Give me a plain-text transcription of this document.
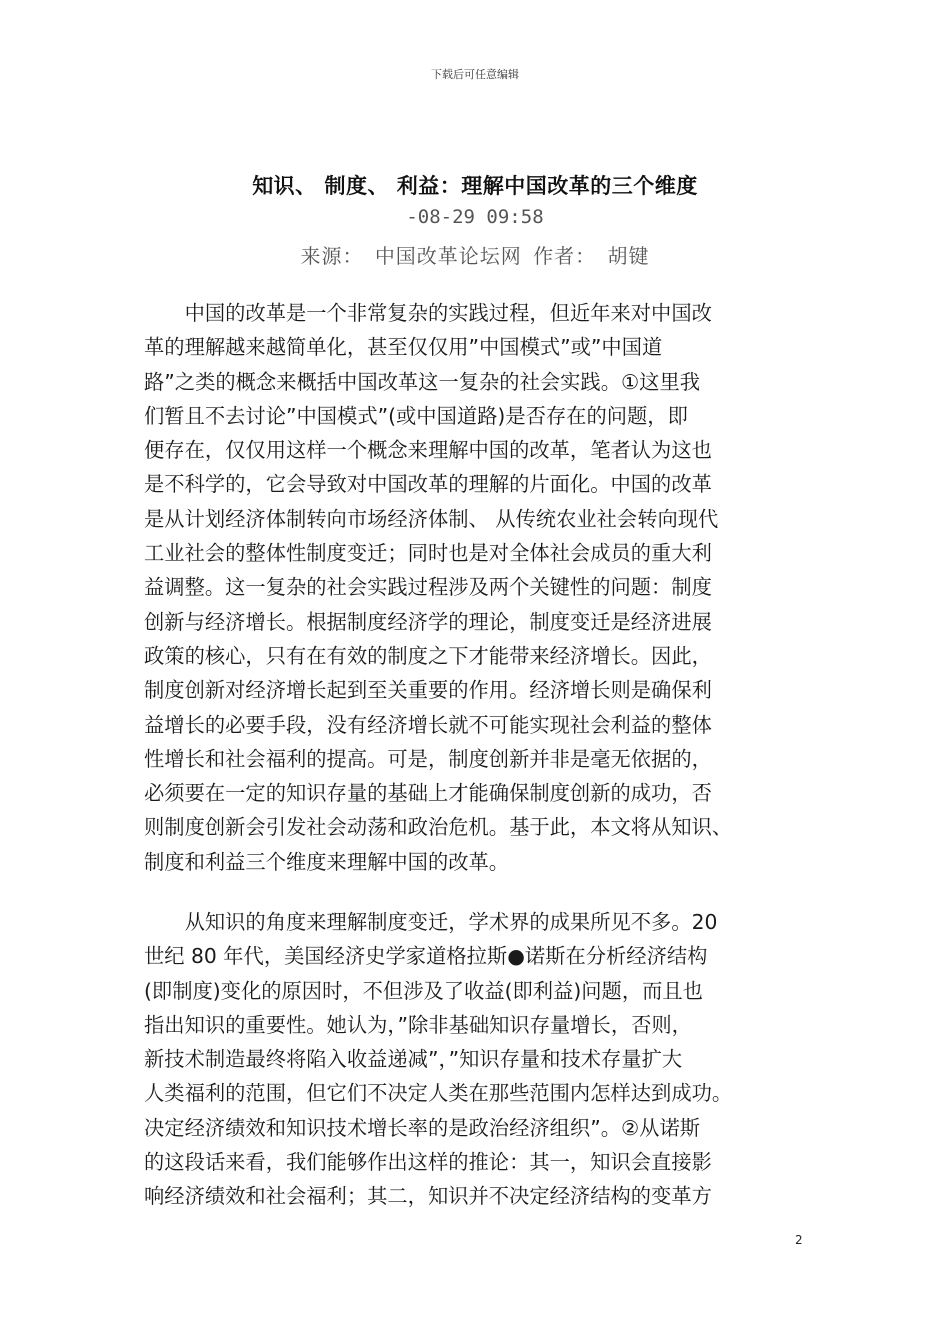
下载后可任意编辑
知识、 制度、 利益：理解中国改革的三个维度
-08-29 09:58
来源： 中国改革论坛网 作者： 胡键
　　中国的改革是一个非常复杂的实践过程，但近年来对中国改
革的理解越来越简单化，甚至仅仅用”中国模式”或”中国道
路”之类的概念来概括中国改革这一复杂的社会实践。①这里我
们暂且不去讨论”中国模式”(或中国道路)是否存在的问题，即
便存在，仅仅用这样一个概念来理解中国的改革，笔者认为这也
是不科学的，它会导致对中国改革的理解的片面化。中国的改革
是从计划经济体制转向市场经济体制、 从传统农业社会转向现代
工业社会的整体性制度变迁；同时也是对全体社会成员的重大利
益调整。这一复杂的社会实践过程涉及两个关键性的问题：制度
创新与经济增长。根据制度经济学的理论，制度变迁是经济进展
政策的核心，只有在有效的制度之下才能带来经济增长。因此，
制度创新对经济增长起到至关重要的作用。经济增长则是确保利
益增长的必要手段，没有经济增长就不可能实现社会利益的整体
性增长和社会福利的提高。可是，制度创新并非是毫无依据的，
必须要在一定的知识存量的基础上才能确保制度创新的成功，否
则制度创新会引发社会动荡和政治危机。基于此，本文将从知识、
制度和利益三个维度来理解中国的改革。
　　从知识的角度来理解制度变迁，学术界的成果所见不多。20
世纪 80 年代，美国经济史学家道格拉斯●诺斯在分析经济结构
(即制度)变化的原因时，不但涉及了收益(即利益)问题，而且也
指出知识的重要性。她认为，”除非基础知识存量增长，否则，
新技术制造最终将陷入收益递减”，”知识存量和技术存量扩大
人类福利的范围，但它们不决定人类在那些范围内怎样达到成功。
决定经济绩效和知识技术增长率的是政治经济组织”。②从诺斯
的这段话来看，我们能够作出这样的推论：其一，知识会直接影
响经济绩效和社会福利；其二，知识并不决定经济结构的变革方
2
